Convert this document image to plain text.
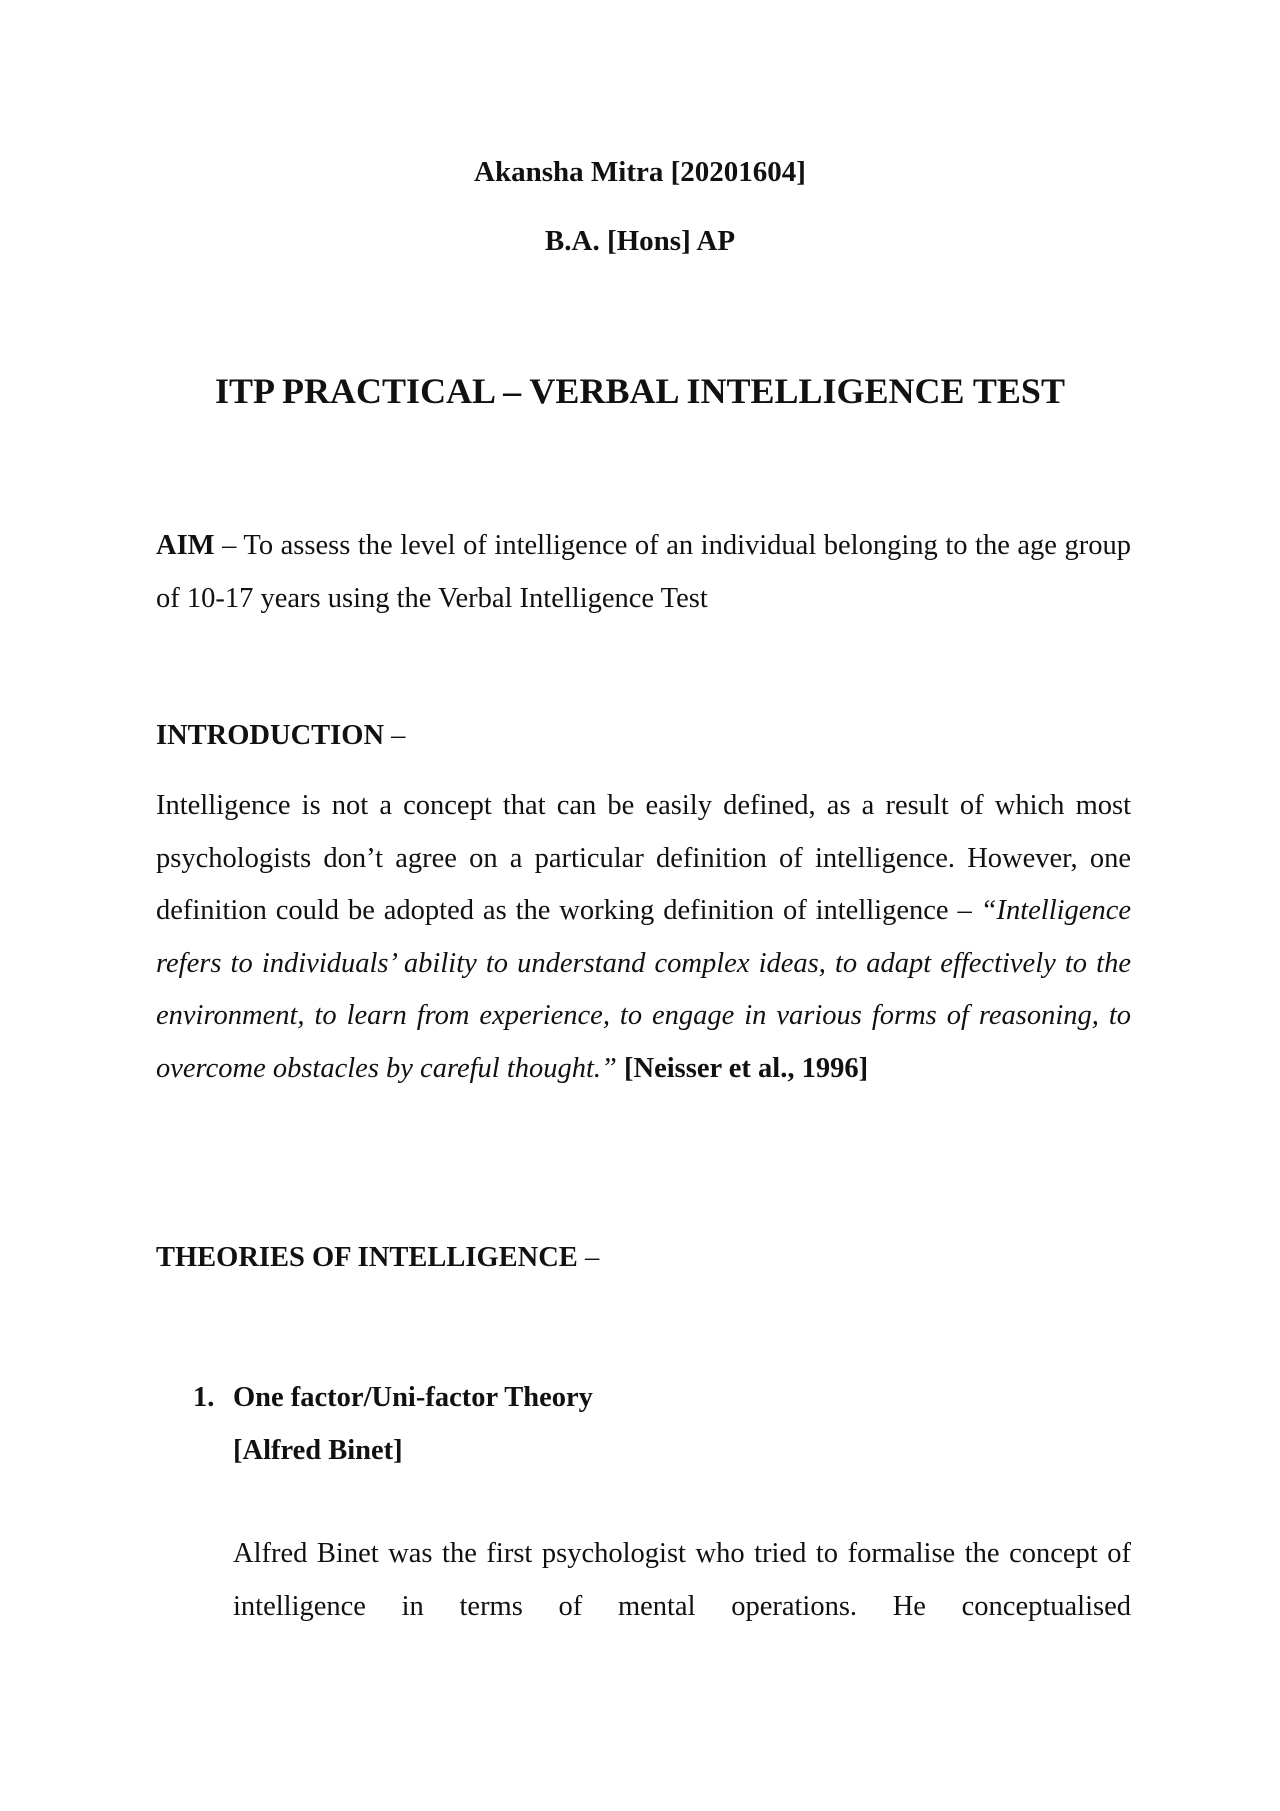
Akansha Mitra [20201604]
B.A. [Hons] AP
ITP PRACTICAL – VERBAL INTELLIGENCE TEST
AIM – To assess the level of intelligence of an individual belonging to the age group of 10-17 years using the Verbal Intelligence Test
INTRODUCTION –
Intelligence is not a concept that can be easily defined, as a result of which most psychologists don’t agree on a particular definition of intelligence. However, one definition could be adopted as the working definition of intelligence – “Intelligence refers to individuals’ ability to understand complex ideas, to adapt effectively to the environment, to learn from experience, to engage in various forms of reasoning, to overcome obstacles by careful thought.” [Neisser et al., 1996]
THEORIES OF INTELLIGENCE –
1. One factor/Uni-factor Theory
[Alfred Binet]
Alfred Binet was the first psychologist who tried to formalise the concept of intelligence in terms of mental operations. He conceptualised
